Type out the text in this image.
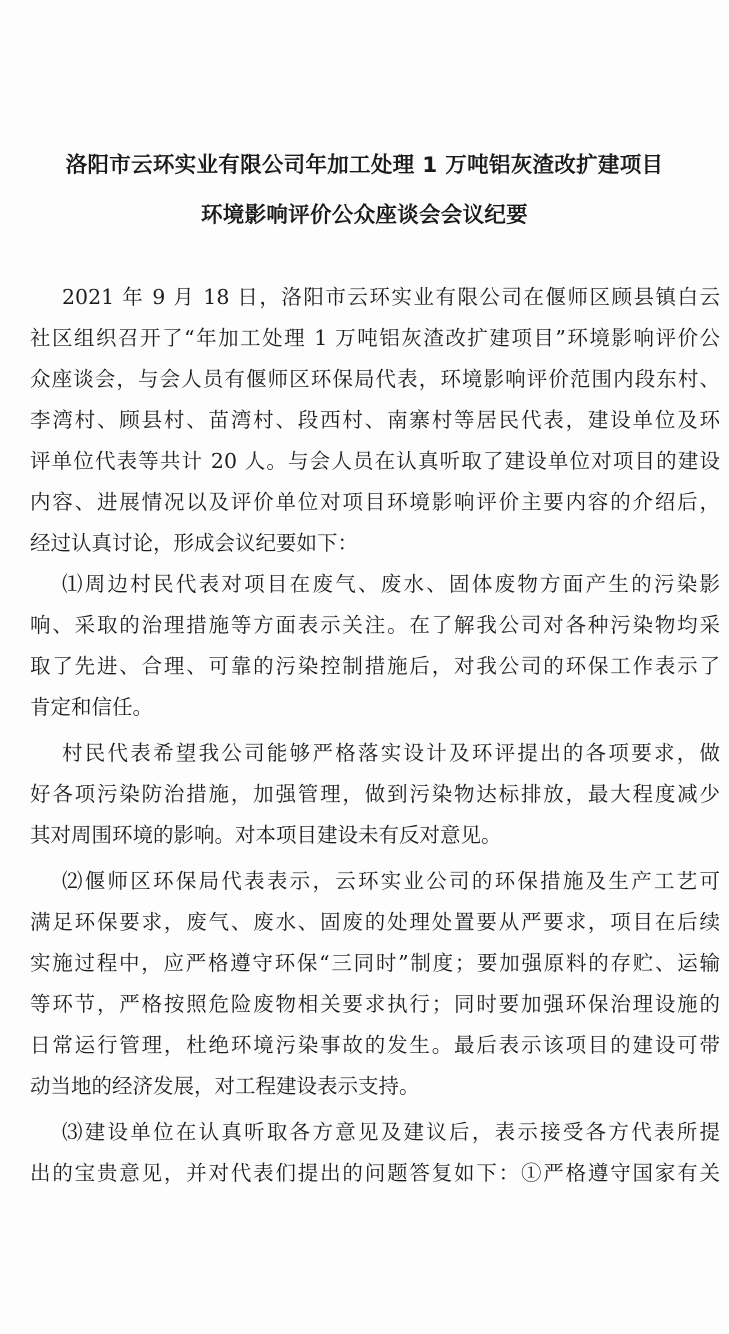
洛阳市云环实业有限公司年加工处理 1 万吨铝灰渣改扩建项目
环境影响评价公众座谈会会议纪要
2021 年 9 月 18 日，洛阳市云环实业有限公司在偃师区顾县镇白云
社区组织召开了“年加工处理 1 万吨铝灰渣改扩建项目”环境影响评价公
众座谈会，与会人员有偃师区环保局代表，环境影响评价范围内段东村、
李湾村、顾县村、苗湾村、段西村、南寨村等居民代表，建设单位及环
评单位代表等共计 20 人。与会人员在认真听取了建设单位对项目的建设
内容、进展情况以及评价单位对项目环境影响评价主要内容的介绍后，
经过认真讨论，形成会议纪要如下：
⑴周边村民代表对项目在废气、废水、固体废物方面产生的污染影
响、采取的治理措施等方面表示关注。在了解我公司对各种污染物均采
取了先进、合理、可靠的污染控制措施后，对我公司的环保工作表示了
肯定和信任。
村民代表希望我公司能够严格落实设计及环评提出的各项要求，做
好各项污染防治措施，加强管理，做到污染物达标排放，最大程度减少
其对周围环境的影响。对本项目建设未有反对意见。
⑵偃师区环保局代表表示，云环实业公司的环保措施及生产工艺可
满足环保要求，废气、废水、固废的处理处置要从严要求，项目在后续
实施过程中，应严格遵守环保“三同时”制度；要加强原料的存贮、运输
等环节，严格按照危险废物相关要求执行；同时要加强环保治理设施的
日常运行管理，杜绝环境污染事故的发生。最后表示该项目的建设可带
动当地的经济发展，对工程建设表示支持。
⑶建设单位在认真听取各方意见及建议后，表示接受各方代表所提
出的宝贵意见，并对代表们提出的问题答复如下：①严格遵守国家有关
